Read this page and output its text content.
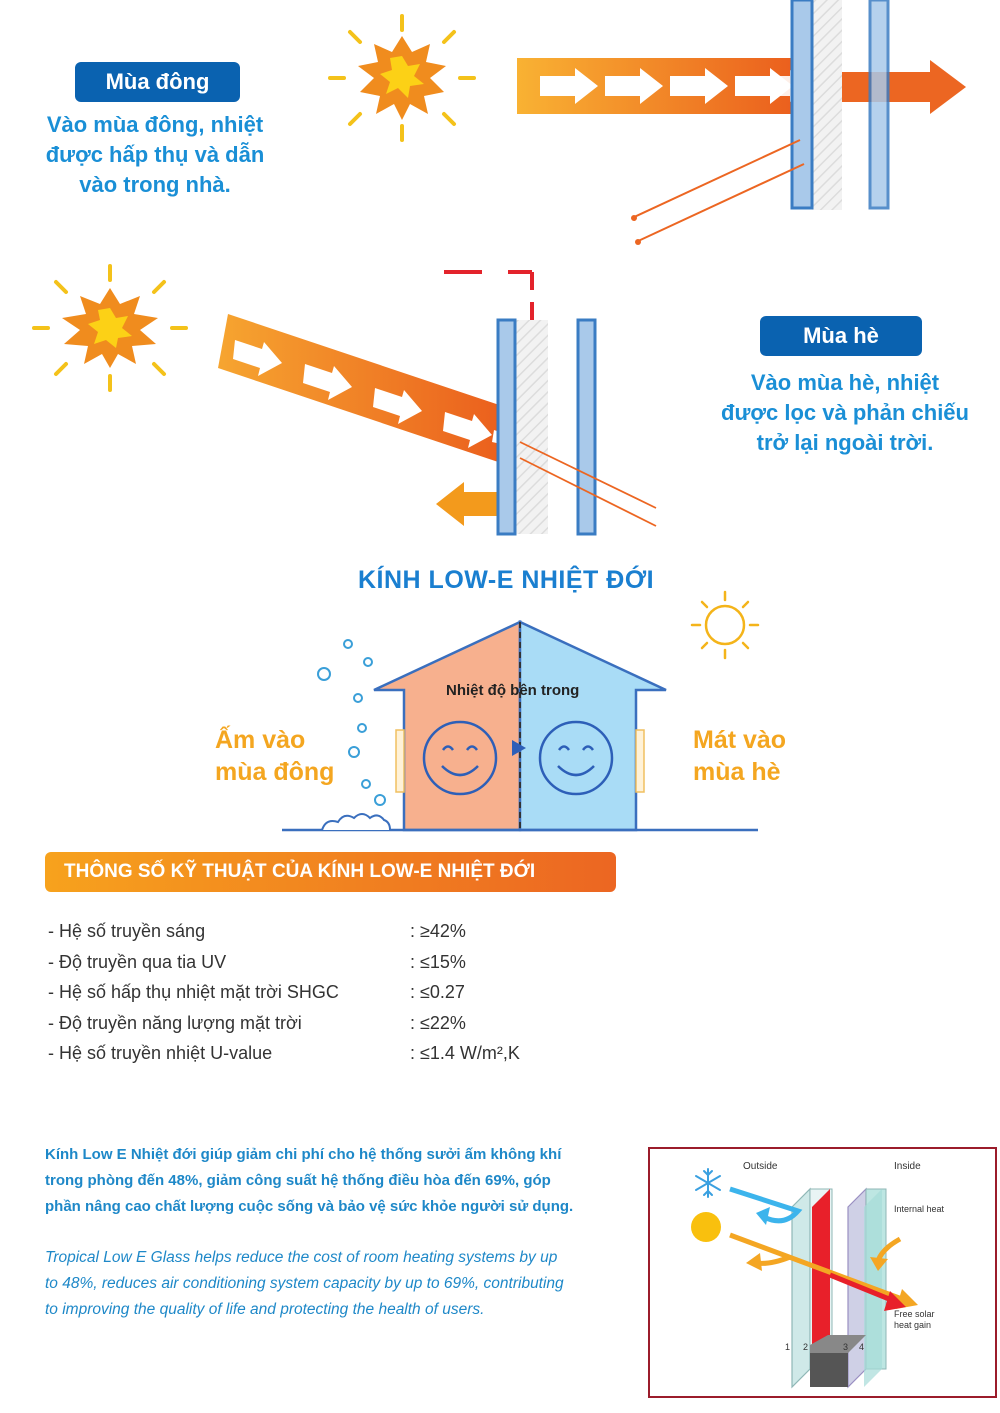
Mùa đông
Vào mùa đông, nhiệt
được hấp thụ và dẫn
vào trong nhà.
Mùa hè
Vào mùa hè, nhiệt
được lọc và phản chiếu
trở lại ngoài trời.
KÍNH LOW-E NHIỆT ĐỚI
Nhiệt độ bên trong
Ấm vào
mùa đông
Mát vào
mùa hè
THÔNG SỐ KỸ THUẬT CỦA KÍNH LOW-E NHIỆT ĐỚI
- Hệ số truyền sáng	: ≥42%
- Độ truyền qua tia UV	: ≤15%
- Hệ số hấp thụ nhiệt mặt trời SHGC	: ≤0.27
- Độ truyền năng lượng mặt trời	: ≤22%
- Hệ số truyền nhiệt U-value	: ≤1.4 W/m²,K
Kính Low E Nhiệt đới giúp giảm chi phí cho hệ thống sưởi ấm không khí
trong phòng đến 48%, giảm công suất hệ thống điều hòa đến 69%, góp
phần nâng cao chất lượng cuộc sống và bảo vệ sức khỏe người sử dụng.
Tropical Low E Glass helps reduce the cost of room heating systems by up
to 48%, reduces air conditioning system capacity by up to 69%, contributing
to improving the quality of life and protecting the health of users.
Outside	Inside
Internal heat
Free solar
heat gain
1 2	3 4
